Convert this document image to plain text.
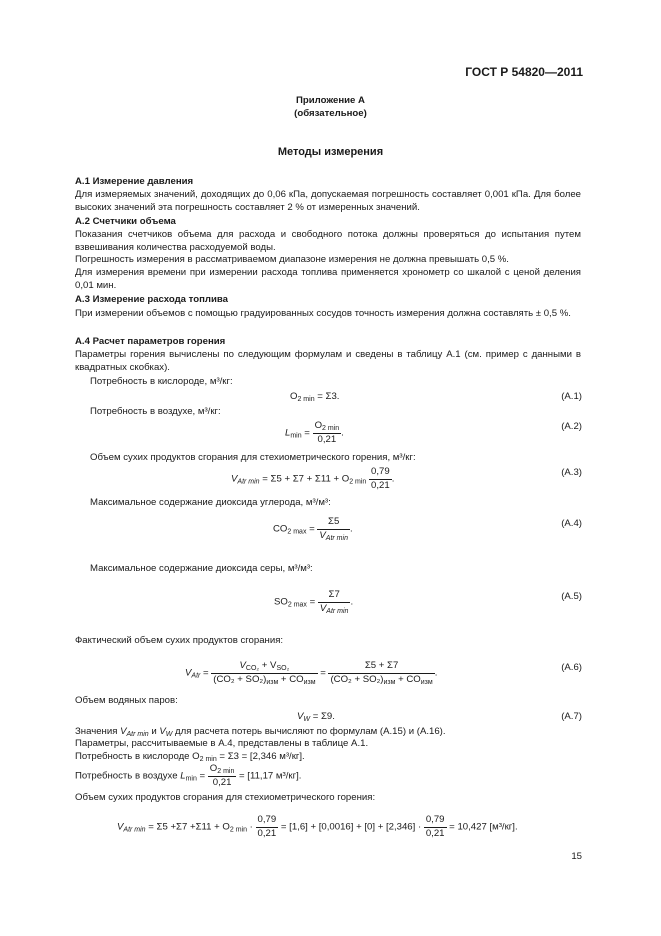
ГОСТ Р 54820—2011
Приложение А
(обязательное)
Методы измерения
А.1 Измерение давления
Для измеряемых значений, доходящих до 0,06 кПа, допускаемая погрешность составляет 0,001 кПа. Для более высоких значений эта погрешность составляет 2 % от измеренных значений.
А.2 Счетчики объема
Показания счетчиков объема для расхода и свободного потока должны проверяться до испытания путем взвешивания количества расходуемой воды.
Погрешность измерения в рассматриваемом диапазоне измерения не должна превышать 0,5 %.
Для измерения времени при измерении расхода топлива применяется хронометр со шкалой с ценой деления 0,01 мин.
А.3 Измерение расхода топлива
При измерении объемов с помощью градуированных сосудов точность измерения должна составлять ± 0,5 %.
А.4 Расчет параметров горения
Параметры горения вычислены по следующим формулам и сведены в таблицу А.1 (см. пример с данными в квадратных скобках).
Потребность в кислороде, м³/кг:
$O_{2 min} = \Sigma 3$.	(А.1)
Потребность в воздухе, м³/кг:
$L_{min} = \frac{O_{2 min}}{0,21}$ .
(А.2)
Объем сухих продуктов сгорания для стехиометрического горения, м³/кг:
$V_{Atr min} = \Sigma 5 + \Sigma 7 + \Sigma 11 + O_{2 min} \frac{0,79}{0,21}$ .
(А.3)
Максимальное содержание диоксида углерода, м³/м³:
$CO_{2 max} = \frac{\Sigma 5}{V_{Atr min}}$ .
(А.4)
Максимальное содержание диоксида серы, м³/м³:
$SO_{2 max} = \frac{\Sigma 7}{V_{Atr min}}$ .
(А.5)
Фактический объем сухих продуктов сгорания:
$V_{Atr} = \frac{V_{CO_2} + V_{SO_2}}{(CO_2 + SO_2)_{изм} + CO_{изм}} = \frac{\Sigma 5 + \Sigma 7}{(CO_2 + SO_2)_{изм} + CO_{изм}}$ .
(А.6)
Объем водяных паров:
$V_W = \Sigma 9$.	(А.7)
Значения $V_{Atr min}$ и $V_W$ для расчета потерь вычисляют по формулам (А.15) и (А.16).
Параметры, рассчитываемые в А.4, представлены в таблице А.1.
Потребность в кислороде $O_{2 min} = \Sigma 3 = [2,346$ м³/кг].
Потребность в воздухе $L_{min} = \frac{O_{2 min}}{0,21} = [11,17$ м³/кг].
Объем сухих продуктов сгорания для стехиометрического горения:
$V_{Atr min} = \Sigma 5 +\Sigma 7 +\Sigma 11 + O_{2 min} \cdot \frac{0,79}{0,21} = [1,6] + [0,0016] + [0] + [2,346] \cdot \frac{0,79}{0,21} = 10,427$ [м³/кг].
15
